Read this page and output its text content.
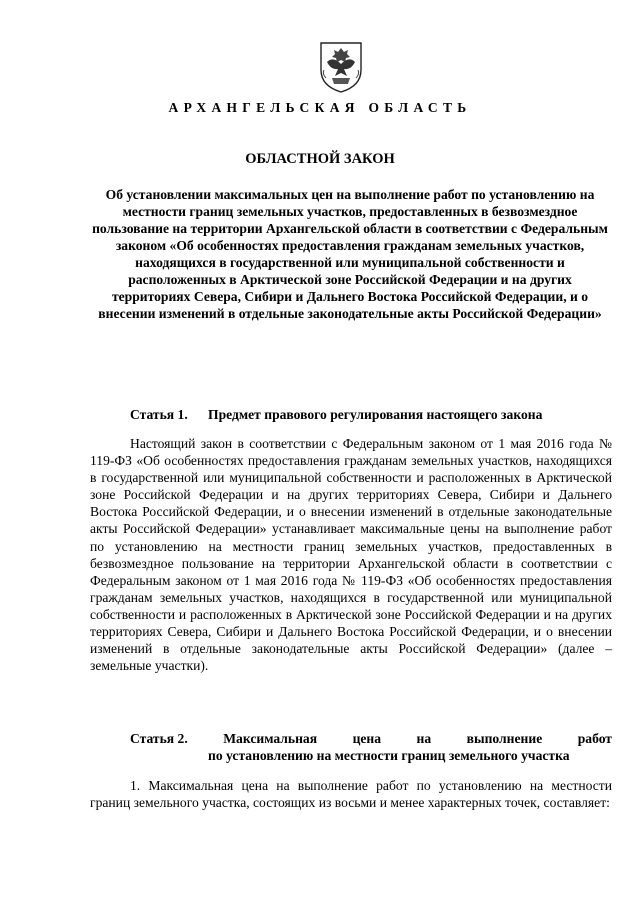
АРХАНГЕЛЬСКАЯ ОБЛАСТЬ
ОБЛАСТНОЙ ЗАКОН
Об установлении максимальных цен на выполнение работ по установлению на местности границ земельных участков, предоставленных в безвозмездное пользование на территории Архангельской области в соответствии с Федеральным законом «Об особенностях предоставления гражданам земельных участков, находящихся в государственной или муниципальной собственности и расположенных в Арктической зоне Российской Федерации и на других территориях Севера, Сибири и Дальнего Востока Российской Федерации, и о внесении изменений в отдельные законодательные акты Российской Федерации»
Статья 1. Предмет правового регулирования настоящего закона

Настоящий закон в соответствии с Федеральным законом от 1 мая 2016 года № 119-ФЗ «Об особенностях предоставления гражданам земельных участков, находящихся в государственной или муниципальной собственности и расположенных в Арктической зоне Российской Федерации и на других территориях Севера, Сибири и Дальнего Востока Российской Федерации, и о внесении изменений в отдельные законодательные акты Российской Федерации» устанавливает максимальные цены на выполнение работ по установлению на местности границ земельных участков, предоставленных в безвозмездное пользование на территории Архангельской области в соответствии с Федеральным законом от 1 мая 2016 года № 119-ФЗ «Об особенностях предоставления гражданам земельных участков, находящихся в государственной или муниципальной собственности и расположенных в Арктической зоне Российской Федерации и на других территориях Севера, Сибири и Дальнего Востока Российской Федерации, и о внесении изменений в отдельные законодательные акты Российской Федерации» (далее – земельные участки).

Статья 2.	Максимальная	цена	на	выполнение	работ
по установлению на местности границ земельного участка

1. Максимальная цена на выполнение работ по установлению на местности границ земельного участка, состоящих из восьми и менее характерных точек, составляет:
